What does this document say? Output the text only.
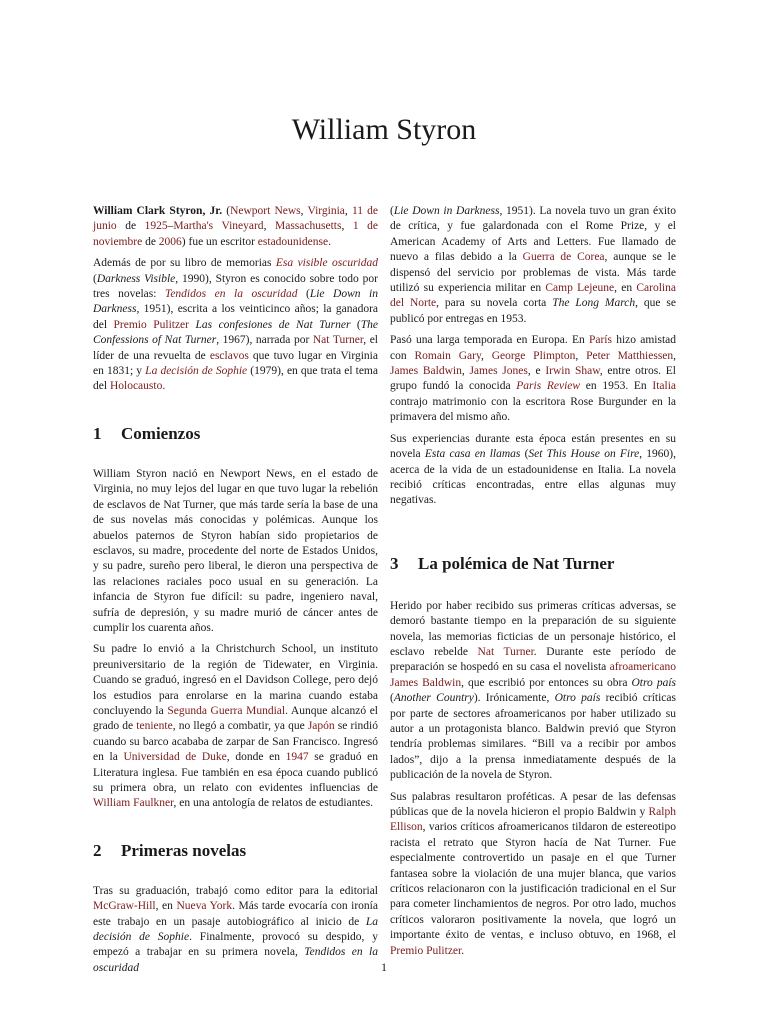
William Styron

William Clark Styron, Jr. (Newport News, Virginia, 11 de junio de 1925–Martha's Vineyard, Massachusetts, 1 de noviembre de 2006) fue un escritor estadounidense.

Además de por su libro de memorias Esa visible oscuridad (Darkness Visible, 1990), Styron es conocido sobre todo por tres novelas: Tendidos en la oscuridad (Lie Down in Darkness, 1951), escrita a los veinticinco años; la ganadora del Premio Pulitzer Las confesiones de Nat Turner (The Confessions of Nat Turner, 1967), narrada por Nat Turner, el líder de una revuelta de esclavos que tuvo lugar en Virginia en 1831; y La decisión de Sophie (1979), en que trata el tema del Holocausto.

1 Comienzos

William Styron nació en Newport News, en el estado de Virginia, no muy lejos del lugar en que tuvo lugar la rebelión de esclavos de Nat Turner, que más tarde sería la base de una de sus novelas más conocidas y polémicas. Aunque los abuelos paternos de Styron habían sido propietarios de esclavos, su madre, procedente del norte de Estados Unidos, y su padre, sureño pero liberal, le dieron una perspectiva de las relaciones raciales poco usual en su generación. La infancia de Styron fue difícil: su padre, ingeniero naval, sufría de depresión, y su madre murió de cáncer antes de cumplir los cuarenta años.

Su padre lo envió a la Christchurch School, un instituto preuniversitario de la región de Tidewater, en Virginia. Cuando se graduó, ingresó en el Davidson College, pero dejó los estudios para enrolarse en la marina cuando estaba concluyendo la Segunda Guerra Mundial. Aunque alcanzó el grado de teniente, no llegó a combatir, ya que Japón se rindió cuando su barco acababa de zarpar de San Francisco. Ingresó en la Universidad de Duke, donde en 1947 se graduó en Literatura inglesa. Fue también en esa época cuando publicó su primera obra, un relato con evidentes influencias de William Faulkner, en una antología de relatos de estudiantes.

2 Primeras novelas

Tras su graduación, trabajó como editor para la editorial McGraw-Hill, en Nueva York. Más tarde evocaría con ironía este trabajo en un pasaje autobiográfico al inicio de La decisión de Sophie. Finalmente, provocó su despido, y empezó a trabajar en su primera novela, Tendidos en la oscuridad

(Lie Down in Darkness, 1951). La novela tuvo un gran éxito de crítica, y fue galardonada con el Rome Prize, y el American Academy of Arts and Letters. Fue llamado de nuevo a filas debido a la Guerra de Corea, aunque se le dispensó del servicio por problemas de vista. Más tarde utilizó su experiencia militar en Camp Lejeune, en Carolina del Norte, para su novela corta The Long March, que se publicó por entregas en 1953.

Pasó una larga temporada en Europa. En París hizo amistad con Romain Gary, George Plimpton, Peter Matthiessen, James Baldwin, James Jones, e Irwin Shaw, entre otros. El grupo fundó la conocida Paris Review en 1953. En Italia contrajo matrimonio con la escritora Rose Burgunder en la primavera del mismo año.

Sus experiencias durante esta época están presentes en su novela Esta casa en llamas (Set This House on Fire, 1960), acerca de la vida de un estadounidense en Italia. La novela recibió críticas encontradas, entre ellas algunas muy negativas.

3 La polémica de Nat Turner

Herido por haber recibido sus primeras críticas adversas, se demoró bastante tiempo en la preparación de su siguiente novela, las memorias ficticias de un personaje histórico, el esclavo rebelde Nat Turner. Durante este período de preparación se hospedó en su casa el novelista afroamericano James Baldwin, que escribió por entonces su obra Otro país (Another Country). Irónicamente, Otro país recibió críticas por parte de sectores afroamericanos por haber utilizado su autor a un protagonista blanco. Baldwin previó que Styron tendría problemas similares. “Bill va a recibir por ambos lados”, dijo a la prensa inmediatamente después de la publicación de la novela de Styron.

Sus palabras resultaron proféticas. A pesar de las defensas públicas que de la novela hicieron el propio Baldwin y Ralph Ellison, varios críticos afroamericanos tildaron de estereotipo racista el retrato que Styron hacía de Nat Turner. Fue especialmente controvertido un pasaje en el que Turner fantasea sobre la violación de una mujer blanca, que varios críticos relacionaron con la justificación tradicional en el Sur para cometer linchamientos de negros. Por otro lado, muchos críticos valoraron positivamente la novela, que logró un importante éxito de ventas, e incluso obtuvo, en 1968, el Premio Pulitzer.

1
